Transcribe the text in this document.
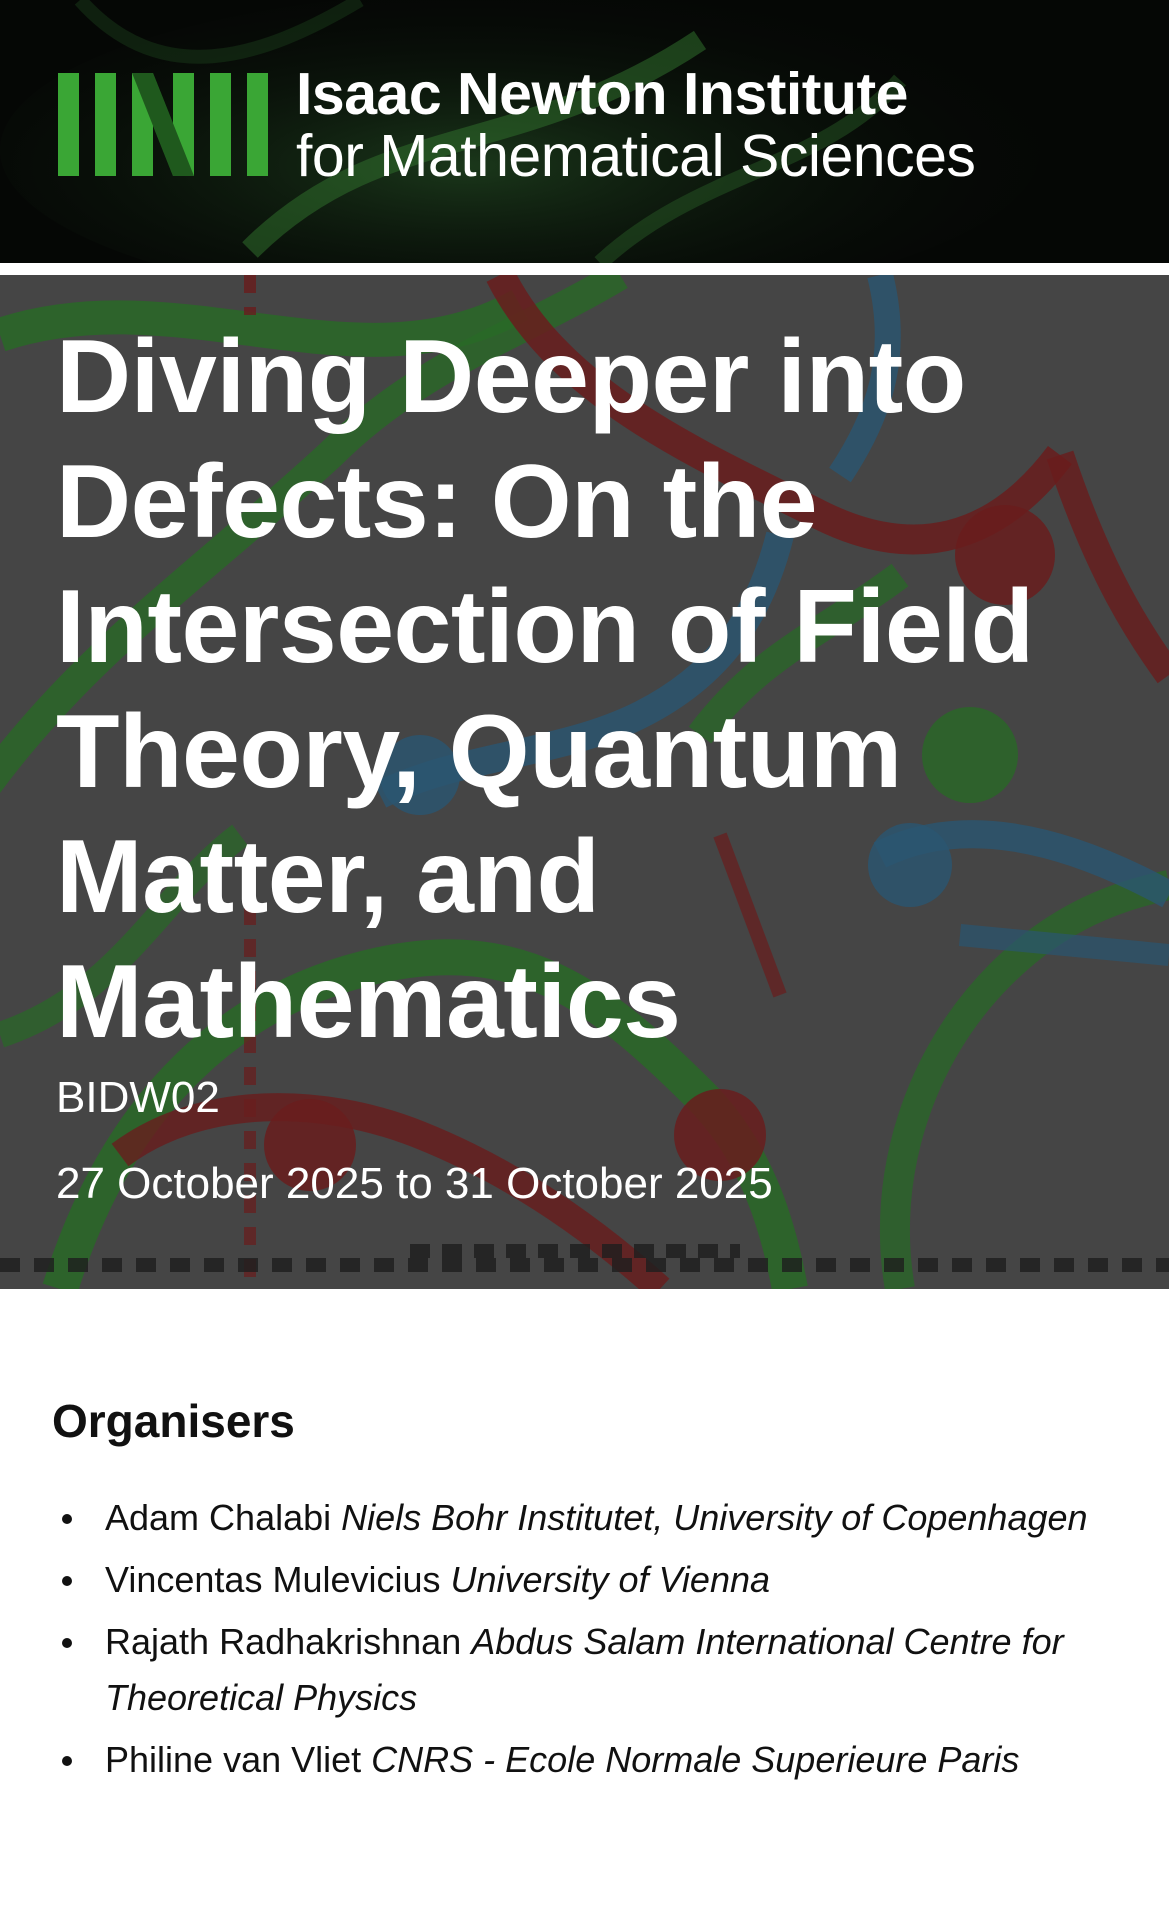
Isaac Newton Institute
for Mathematical Sciences
Diving Deeper into Defects: On the Intersection of Field Theory, Quantum Matter, and Mathematics
BIDW02
27 October 2025 to 31 October 2025
Organisers
Adam Chalabi Niels Bohr Institutet, University of Copenhagen
Vincentas Mulevicius University of Vienna
Rajath Radhakrishnan Abdus Salam International Centre for Theoretical Physics
Philine van Vliet CNRS - Ecole Normale Superieure Paris
